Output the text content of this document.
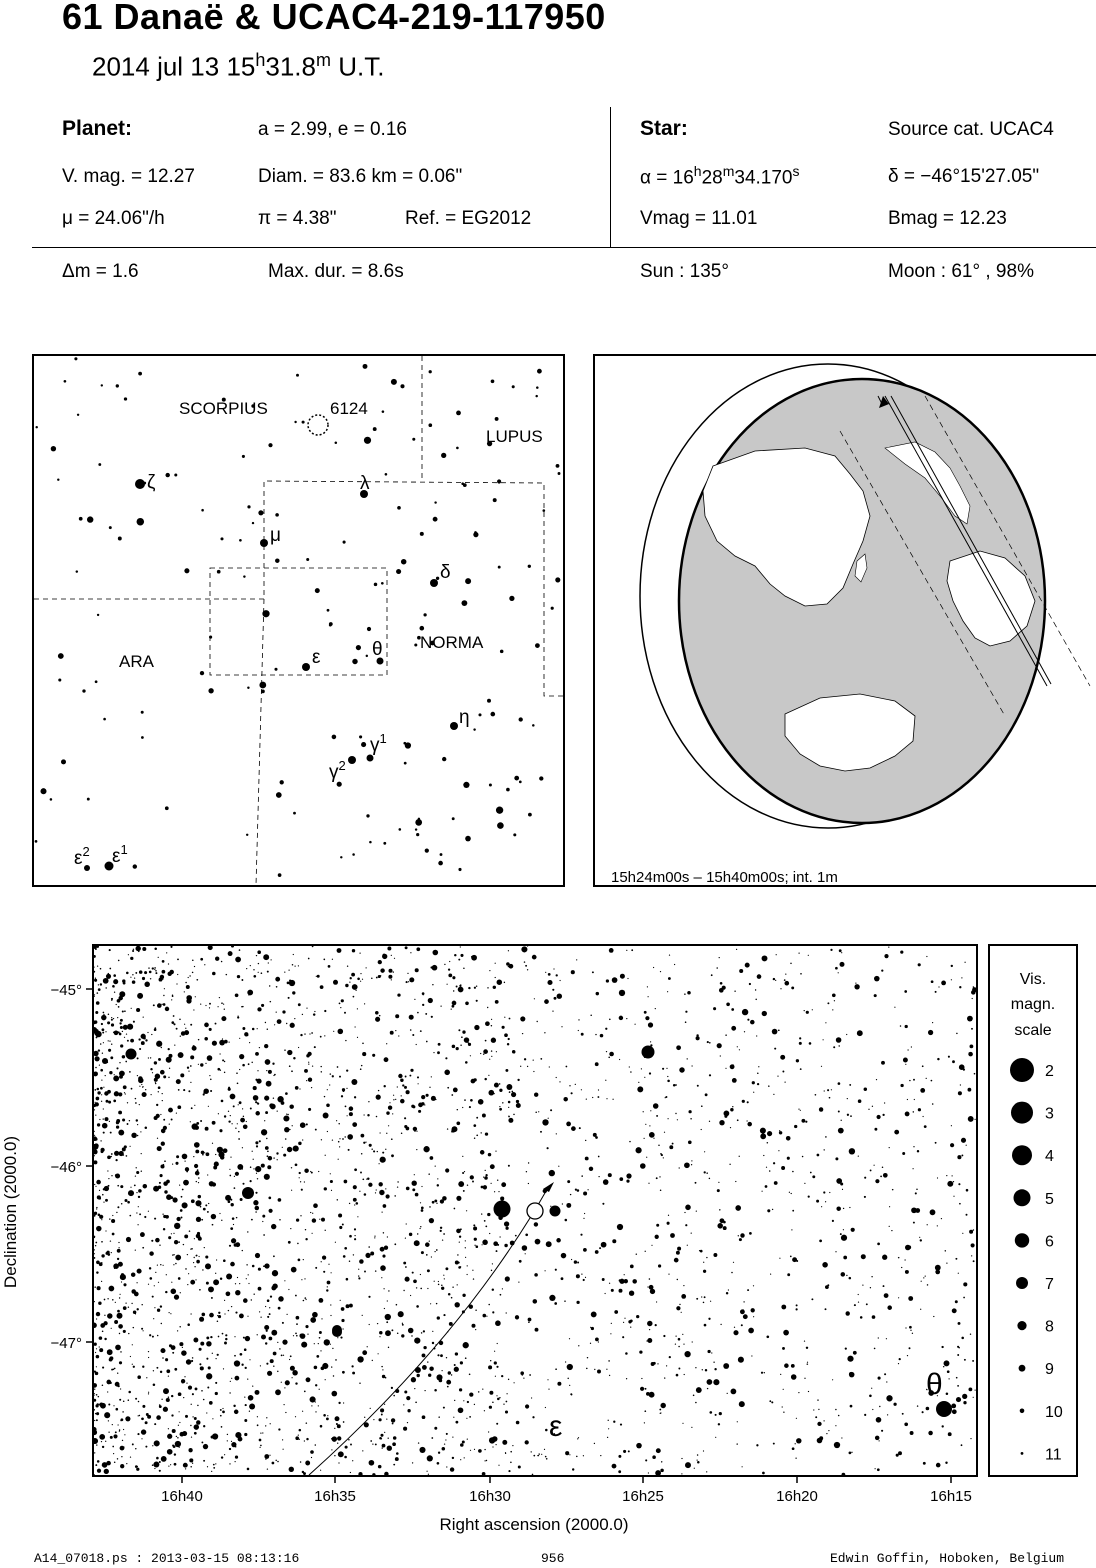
61 Danaë & UCAC4-219-117950
2014 jul 13 15$^h$31.8$^m$ U.T.
Planet:	a = 2.99, e = 0.16
V. mag. = 12.27	Diam. = 83.6 km = 0.06"
μ = 24.06"/h	π = 4.38"	Ref. = EG2012
Star:	Source cat. UCAC4
$\alpha = 16^h28^m34.170^s$	δ = −46°15'27.05"
Vmag = 11.01	Bmag = 12.23
Δm = 1.6	Max. dur. = 8.6s	Sun : 135°	Moon : 61° , 98%
SCORPIUS	6124
LUPUS
ARA
NORMA
ζ	λ
μ
δ
ε	θ
η
$\gamma^1$
$\gamma^2$
$\varepsilon^1$
$\varepsilon^2$
15h24m00s – 15h40m00s; int. 1m
ε
θ
−45°
−46°
−47°
16h40	16h35	16h30	16h25	16h20	16h15
Right ascension (2000.0)
Declination (2000.0)
Vis.
magn.
scale
2
3
4
5
6
7
8
9
10
11
A14_07018.ps : 2013-03-15 08:13:16	956	Edwin Goffin, Hoboken, Belgium
